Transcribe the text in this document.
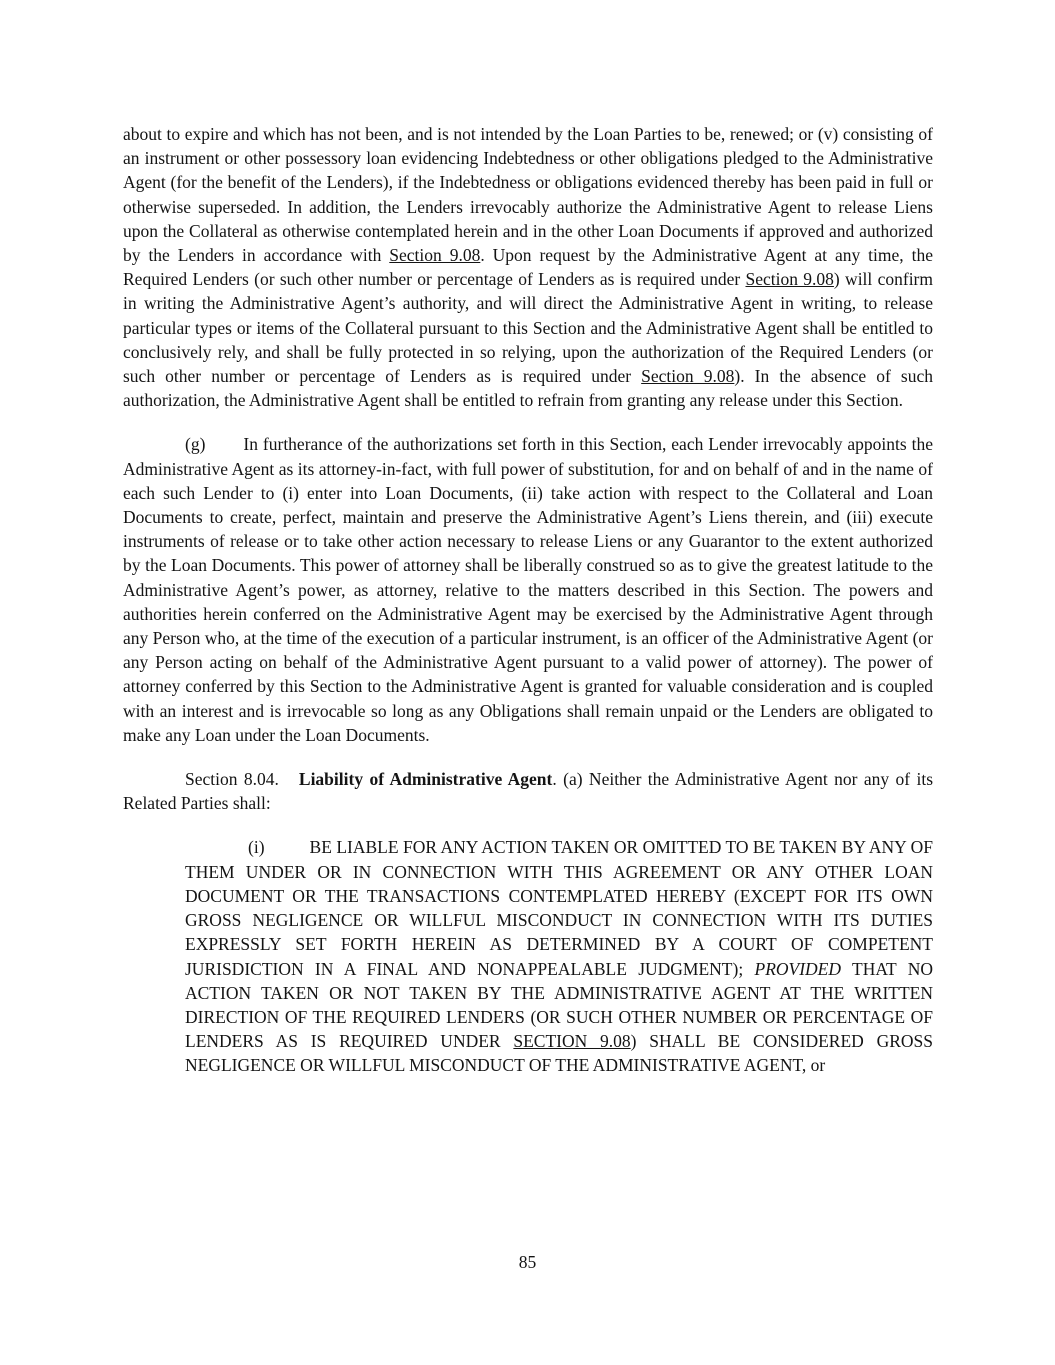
about to expire and which has not been, and is not intended by the Loan Parties to be, renewed; or (v) consisting of an instrument or other possessory loan evidencing Indebtedness or other obligations pledged to the Administrative Agent (for the benefit of the Lenders), if the Indebtedness or obligations evidenced thereby has been paid in full or otherwise superseded. In addition, the Lenders irrevocably authorize the Administrative Agent to release Liens upon the Collateral as otherwise contemplated herein and in the other Loan Documents if approved and authorized by the Lenders in accordance with Section 9.08. Upon request by the Administrative Agent at any time, the Required Lenders (or such other number or percentage of Lenders as is required under Section 9.08) will confirm in writing the Administrative Agent’s authority, and will direct the Administrative Agent in writing, to release particular types or items of the Collateral pursuant to this Section and the Administrative Agent shall be entitled to conclusively rely, and shall be fully protected in so relying, upon the authorization of the Required Lenders (or such other number or percentage of Lenders as is required under Section 9.08). In the absence of such authorization, the Administrative Agent shall be entitled to refrain from granting any release under this Section.

(g) In furtherance of the authorizations set forth in this Section, each Lender irrevocably appoints the Administrative Agent as its attorney-in-fact, with full power of substitution, for and on behalf of and in the name of each such Lender to (i) enter into Loan Documents, (ii) take action with respect to the Collateral and Loan Documents to create, perfect, maintain and preserve the Administrative Agent’s Liens therein, and (iii) execute instruments of release or to take other action necessary to release Liens or any Guarantor to the extent authorized by the Loan Documents. This power of attorney shall be liberally construed so as to give the greatest latitude to the Administrative Agent’s power, as attorney, relative to the matters described in this Section. The powers and authorities herein conferred on the Administrative Agent may be exercised by the Administrative Agent through any Person who, at the time of the execution of a particular instrument, is an officer of the Administrative Agent (or any Person acting on behalf of the Administrative Agent pursuant to a valid power of attorney). The power of attorney conferred by this Section to the Administrative Agent is granted for valuable consideration and is coupled with an interest and is irrevocable so long as any Obligations shall remain unpaid or the Lenders are obligated to make any Loan under the Loan Documents.

Section 8.04. Liability of Administrative Agent. (a) Neither the Administrative Agent nor any of its Related Parties shall:

(i)	BE LIABLE FOR ANY ACTION TAKEN OR OMITTED TO BE TAKEN BY ANY OF THEM UNDER OR IN CONNECTION WITH THIS AGREEMENT OR ANY OTHER LOAN DOCUMENT OR THE TRANSACTIONS CONTEMPLATED HEREBY (EXCEPT FOR ITS OWN GROSS NEGLIGENCE OR WILLFUL MISCONDUCT IN CONNECTION WITH ITS DUTIES EXPRESSLY SET FORTH HEREIN AS DETERMINED BY A COURT OF COMPETENT JURISDICTION IN A FINAL AND NONAPPEALABLE JUDGMENT); PROVIDED THAT NO ACTION TAKEN OR NOT TAKEN BY THE ADMINISTRATIVE AGENT AT THE WRITTEN DIRECTION OF THE REQUIRED LENDERS (OR SUCH OTHER NUMBER OR PERCENTAGE OF LENDERS AS IS REQUIRED UNDER SECTION 9.08) SHALL BE CONSIDERED GROSS NEGLIGENCE OR WILLFUL MISCONDUCT OF THE ADMINISTRATIVE AGENT, or

85
